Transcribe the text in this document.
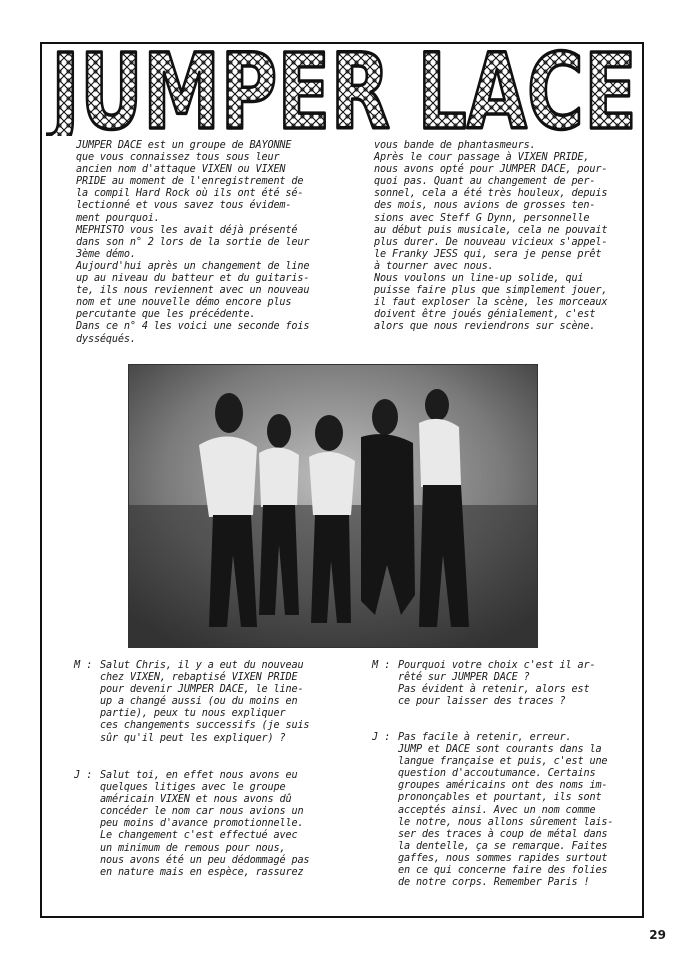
JUMPER LACE
JUMPER DACE est un groupe de BAYONNE
que vous connaissez tous sous leur
ancien nom d'attaque VIXEN ou VIXEN
PRIDE au moment de l'enregistrement de
la compil Hard Rock où ils ont été sé-
lectionné et vous savez tous évidem-
ment pourquoi.
MEPHISTO vous les avait déjà présenté
dans son n° 2 lors de la sortie de leur
3ème démo.
Aujourd'hui après un changement de line
up au niveau du batteur et du guitaris-
te, ils nous reviennent avec un nouveau
nom et une nouvelle démo encore plus
percutante que les précédente.
Dans ce n° 4 les voici une seconde fois
dysséqués.
vous bande de phantasmeurs.
Après le cour passage à VIXEN PRIDE,
nous avons opté pour JUMPER DACE, pour-
quoi pas. Quant au changement de per-
sonnel, cela a été très houleux, depuis
des mois, nous avions de grosses ten-
sions avec Steff G Dynn, personnelle
au début puis musicale, cela ne pouvait
plus durer. De nouveau vicieux s'appel-
le Franky JESS qui, sera je pense prêt
à tourner avec nous.
Nous voulons un line-up solide, qui
puisse faire plus que simplement jouer,
il faut exploser la scène, les morceaux
doivent être joués génialement, c'est
alors que nous reviendrons sur scène.
M : Salut Chris, il y a eut du nouveau
chez VIXEN, rebaptisé VIXEN PRIDE
pour devenir JUMPER DACE, le line-
up a changé aussi (ou du moins en
partie), peux tu nous expliquer
ces changements successifs (je suis
sûr qu'il peut les expliquer) ?
J : Salut toi, en effet nous avons eu
quelques litiges avec le groupe
américain VIXEN et nous avons dû
concéder le nom car nous avions un
peu moins d'avance promotionnelle.
Le changement c'est effectué avec
un minimum de remous pour nous,
nous avons été un peu dédommagé pas
en nature mais en espèce, rassurez
M : Pourquoi votre choix c'est il ar-
rêté sur JUMPER DACE ?
Pas évident à retenir, alors est
ce pour laisser des traces ?
J : Pas facile à retenir, erreur.
JUMP et DACE sont courants dans la
langue française et puis, c'est une
question d'accoutumance. Certains
groupes américains ont des noms im-
prononçables et pourtant, ils sont
acceptés ainsi. Avec un nom comme
le notre, nous allons sûrement lais-
ser des traces à coup de métal dans
la dentelle, ça se remarque. Faites
gaffes, nous sommes rapides surtout
en ce qui concerne faire des folies
de notre corps. Remember Paris !
29
